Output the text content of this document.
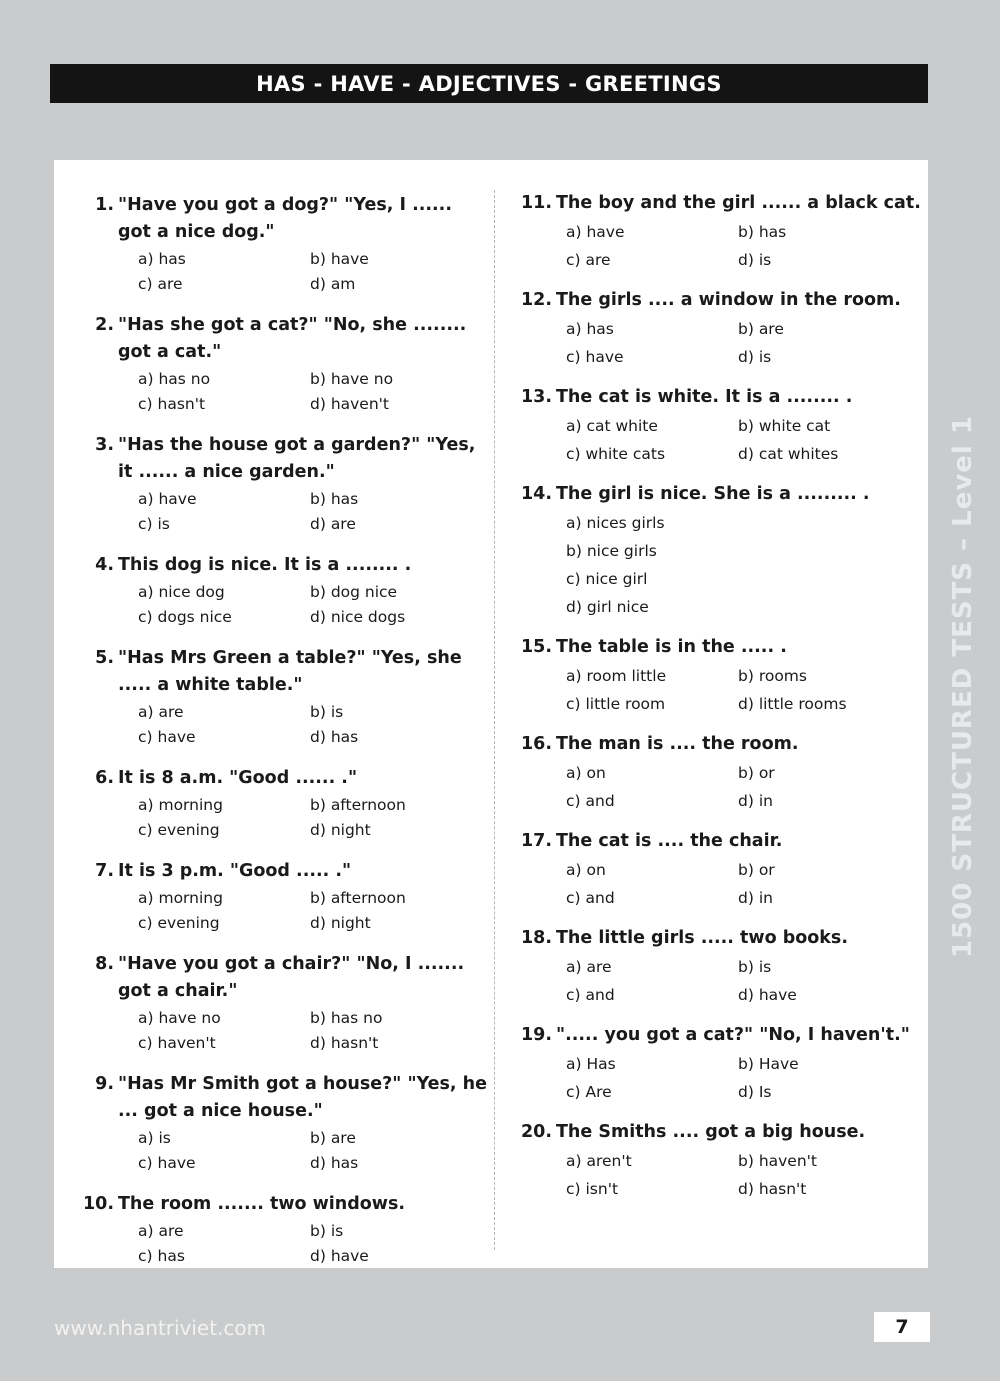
HAS - HAVE - ADJECTIVES - GREETINGS
1. "Have you got a dog?" "Yes, I ...... got a nice dog."
a) has	b) have
c) are	d) am
2. "Has she got a cat?" "No, she ........ got a cat."
a) has no	b) have no
c) hasn't	d) haven't
3. "Has the house got a garden?" "Yes, it ...... a nice garden."
a) have	b) has
c) is	d) are
4. This dog is nice. It is a ........ .
a) nice dog	b) dog nice
c) dogs nice	d) nice dogs
5. "Has Mrs Green a table?" "Yes, she ..... a white table."
a) are	b) is
c) have	d) has
6. It is 8 a.m. "Good ...... ."
a) morning	b) afternoon
c) evening	d) night
7. It is 3 p.m. "Good ..... ."
a) morning	b) afternoon
c) evening	d) night
8. "Have you got a chair?" "No, I ....... got a chair."
a) have no	b) has no
c) haven't	d) hasn't
9. "Has Mr Smith got a house?" "Yes, he ... got a nice house."
a) is	b) are
c) have	d) has
10. The room ....... two windows.
a) are	b) is
c) has	d) have
11. The boy and the girl ...... a black cat.
a) have	b) has
c) are	d) is
12. The girls .... a window in the room.
a) has	b) are
c) have	d) is
13. The cat is white. It is a ........ .
a) cat white	b) white cat
c) white cats	d) cat whites
14. The girl is nice. She is a ......... .
a) nices girls
b) nice girls
c) nice girl
d) girl nice
15. The table is in the ..... .
a) room little	b) rooms
c) little room	d) little rooms
16. The man is .... the room.
a) on	b) or
c) and	d) in
17. The cat is .... the chair.
a) on	b) or
c) and	d) in
18. The little girls ..... two books.
a) are	b) is
c) and	d) have
19. "..... you got a cat?" "No, I haven't."
a) Has	b) Have
c) Are	d) Is
20. The Smiths .... got a big house.
a) aren't	b) haven't
c) isn't	d) hasn't
1500 STRUCTURED TESTS – Level 1
www.nhantriviet.com	7
